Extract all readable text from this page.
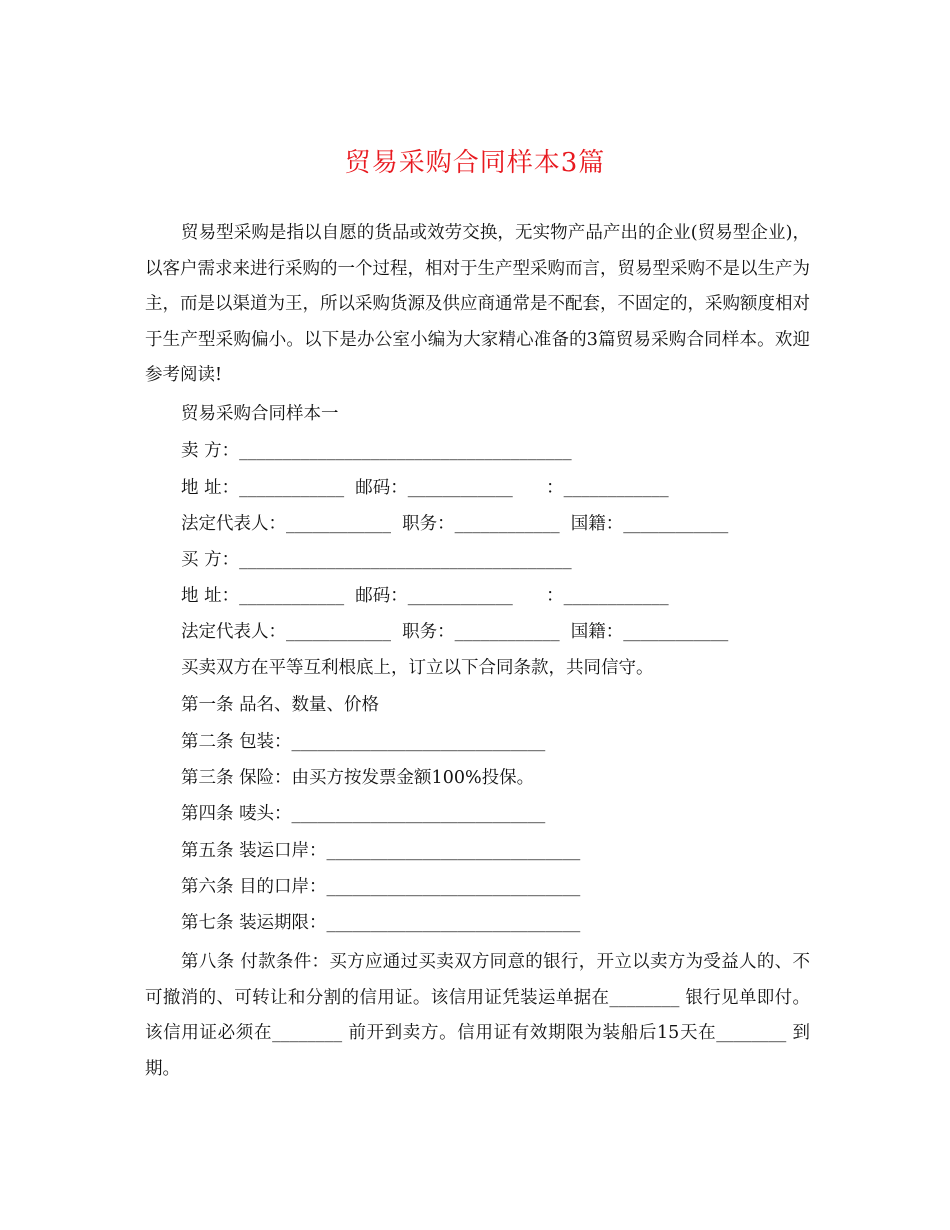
贸易采购合同样本3篇
贸易型采购是指以自愿的货品或效劳交换，无实物产品产出的企业(贸易型企业)，以客户需求来进行采购的一个过程，相对于生产型采购而言，贸易型采购不是以生产为主，而是以渠道为王，所以采购货源及供应商通常是不配套，不固定的，采购额度相对于生产型采购偏小。以下是办公室小编为大家精心准备的3篇贸易采购合同样本。欢迎参考阅读!
贸易采购合同样本一
卖 方：______________________________________
地 址：____________  邮码：____________      ：____________
法定代表人：____________  职务：____________  国籍：____________
买 方：______________________________________
地 址：____________  邮码：____________      ：____________
法定代表人：____________  职务：____________  国籍：____________
买卖双方在平等互利根底上，订立以下合同条款，共同信守。
第一条 品名、数量、价格
第二条 包装：_____________________________
第三条 保险：由买方按发票金额100%投保。
第四条 唛头：_____________________________
第五条 装运口岸：_____________________________
第六条 目的口岸：_____________________________
第七条 装运期限：_____________________________
第八条 付款条件：买方应通过买卖双方同意的银行，开立以卖方为受益人的、不可撤消的、可转让和分割的信用证。该信用证凭装运单据在________ 银行见单即付。该信用证必须在________ 前开到卖方。信用证有效期限为装船后15天在________ 到期。
